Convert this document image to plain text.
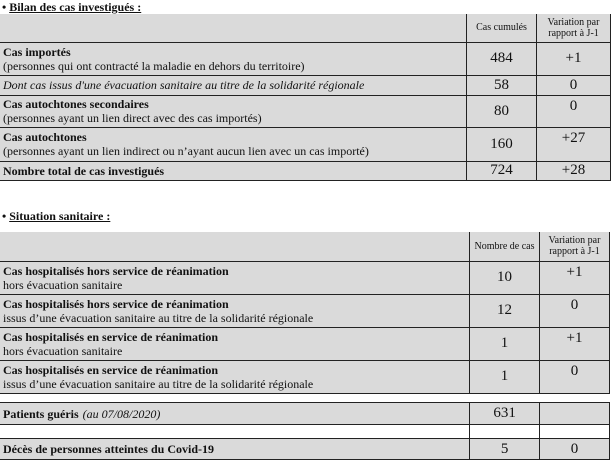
• Bilan des cas investigués :
	Cas cumulés	Variation par rapport à J-1

Cas importés
(personnes qui ont contracté la maladie en dehors du territoire)	484	+1
Dont cas issus d'une évacuation sanitaire au titre de la solidarité régionale	58	0

Cas autochtones secondaires
(personnes ayant un lien direct avec des cas importés)	80	0

Cas autochtones
(personnes ayant un lien indirect ou n’ayant aucun lien avec un cas importé)	160	+27

Nombre total de cas investigués	724	+28
• Situation sanitaire :
	Nombre de cas	Variation par rapport à J-1

Cas hospitalisés hors service de réanimation
hors évacuation sanitaire	10	+1

Cas hospitalisés hors service de réanimation
issus d’une évacuation sanitaire au titre de la solidarité régionale	12	0

Cas hospitalisés en service de réanimation
hors évacuation sanitaire	1	+1

Cas hospitalisés en service de réanimation
issus d’une évacuation sanitaire au titre de la solidarité régionale	1	0
Patients guéris (au 07/08/2020)	631	

Décès de personnes atteintes du Covid-19	5	0
